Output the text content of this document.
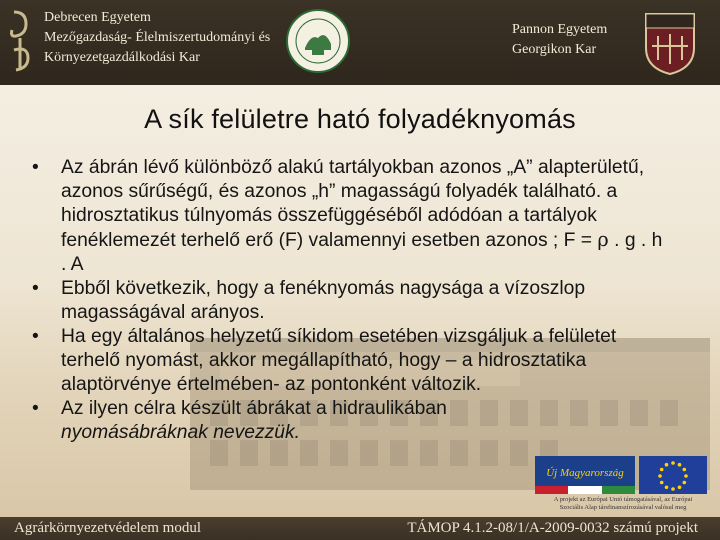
Debrecen Egyetem
Mezőgazdaság- Élelmiszertudományi és
Környezetgazdálkodási Kar
Pannon Egyetem
Georgikon Kar
A sík felületre ható folyadéknyomás
• Az ábrán lévő különböző alakú tartályokban azonos „A” alapterületű, azonos sűrűségű, és azonos „h” magasságú folyadék található. a hidrosztatikus túlnyomás összefüggéséből adódóan a tartályok fenéklemezét terhelő erő (F) valamennyi esetben azonos ; F = ρ . g . h . A
• Ebből következik, hogy a fenéknyomás nagysága a vízoszlop magasságával arányos.
• Ha egy általános helyzetű síkidom esetében vizsgáljuk a felületet terhelő nyomást, akkor megállapítható, hogy – a hidrosztatika alaptörvénye értelmében- az pontonként változik.
• Az ilyen célra készült ábrákat a hidraulikában
nyomásábráknak nevezzük.
Új Magyarország
A projekt az Európai Unió támogatásával, az Európai
Szociális Alap társfinanszírozásával valósul meg
Agrárkörnyezetvédelem modul	TÁMOP 4.1.2-08/1/A-2009-0032 számú projekt
